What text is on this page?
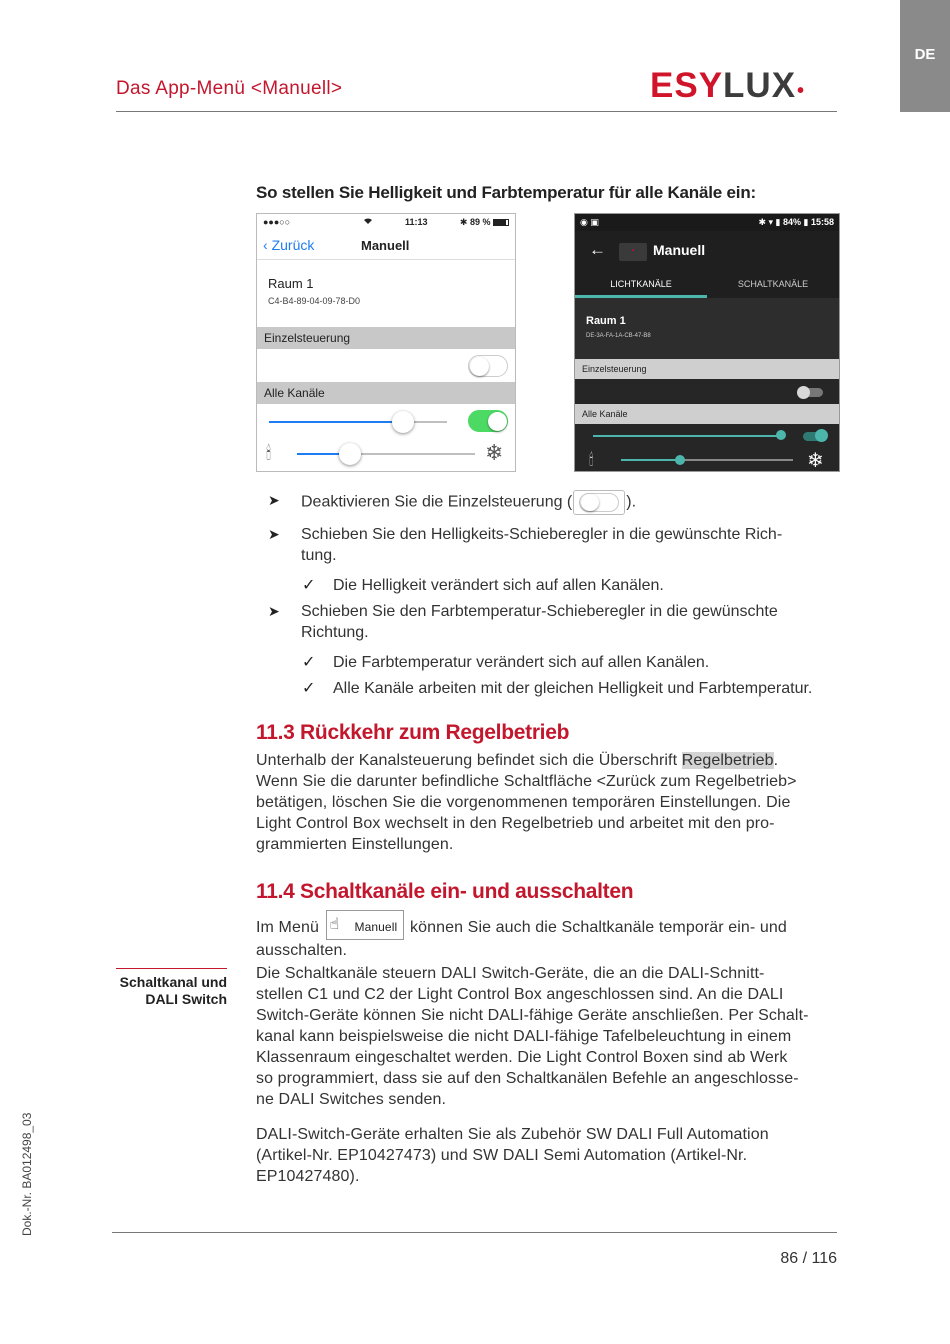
DE
Das App-Menü <Manuell>	ESY LUX •
So stellen Sie Helligkeit und Farbtemperatur für alle Kanäle ein:
●●●○○	11:13	✱ 89 %
‹ Zurück	Manuell
Raum 1
C4-B4-89-04-09-78-D0
Einzelsteuerung
Alle Kanäle
🕯	❄
◉ ▣	✱ ▾ ▮ 84% ▮ 15:58
←	▪	Manuell
LICHTKANÄLE	SCHALTKANÄLE
Raum 1
DE-3A-FA-1A-CB-47-B8
Einzelsteuerung
Alle Kanäle
🕯	❄
➤ Deaktivieren Sie die Einzelsteuerung (	).
➤ Schieben Sie den Helligkeits-Schieberegler in die gewünschte Rich-
tung.
✓ Die Helligkeit verändert sich auf allen Kanälen.
➤ Schieben Sie den Farbtemperatur-Schieberegler in die gewünschte
Richtung.
✓ Die Farbtemperatur verändert sich auf allen Kanälen.
✓ Alle Kanäle arbeiten mit der gleichen Helligkeit und Farbtemperatur.
11.3 Rückkehr zum Regelbetrieb
Unterhalb der Kanalsteuerung befindet sich die Überschrift Regelbetrieb.
Wenn Sie die darunter befindliche Schaltfläche <Zurück zum Regelbetrieb>
betätigen, löschen Sie die vorgenommenen temporären Einstellungen. Die
Light Control Box wechselt in den Regelbetrieb und arbeitet mit den pro-
grammierten Einstellungen.
11.4 Schaltkanäle ein- und ausschalten
Im Menü ☝ Manuell können Sie auch die Schaltkanäle temporär ein- und
ausschalten.
Die Schaltkanäle steuern DALI Switch-Geräte, die an die DALI-Schnitt-
stellen C1 und C2 der Light Control Box angeschlossen sind. An die DALI
Switch-Geräte können Sie nicht DALI-fähige Geräte anschließen. Per Schalt-
kanal kann beispielsweise die nicht DALI-fähige Tafelbeleuchtung in einem
Klassenraum eingeschaltet werden. Die Light Control Boxen sind ab Werk
so programmiert, dass sie auf den Schaltkanälen Befehle an angeschlosse-
ne DALI Switches senden.
DALI-Switch-Geräte erhalten Sie als Zubehör SW DALI Full Automation
(Artikel-Nr. EP10427473) und SW DALI Semi Automation (Artikel-Nr.
EP10427480).
Schaltkanal und
DALI Switch
Dok.-Nr. BA012498_03
86 / 116
